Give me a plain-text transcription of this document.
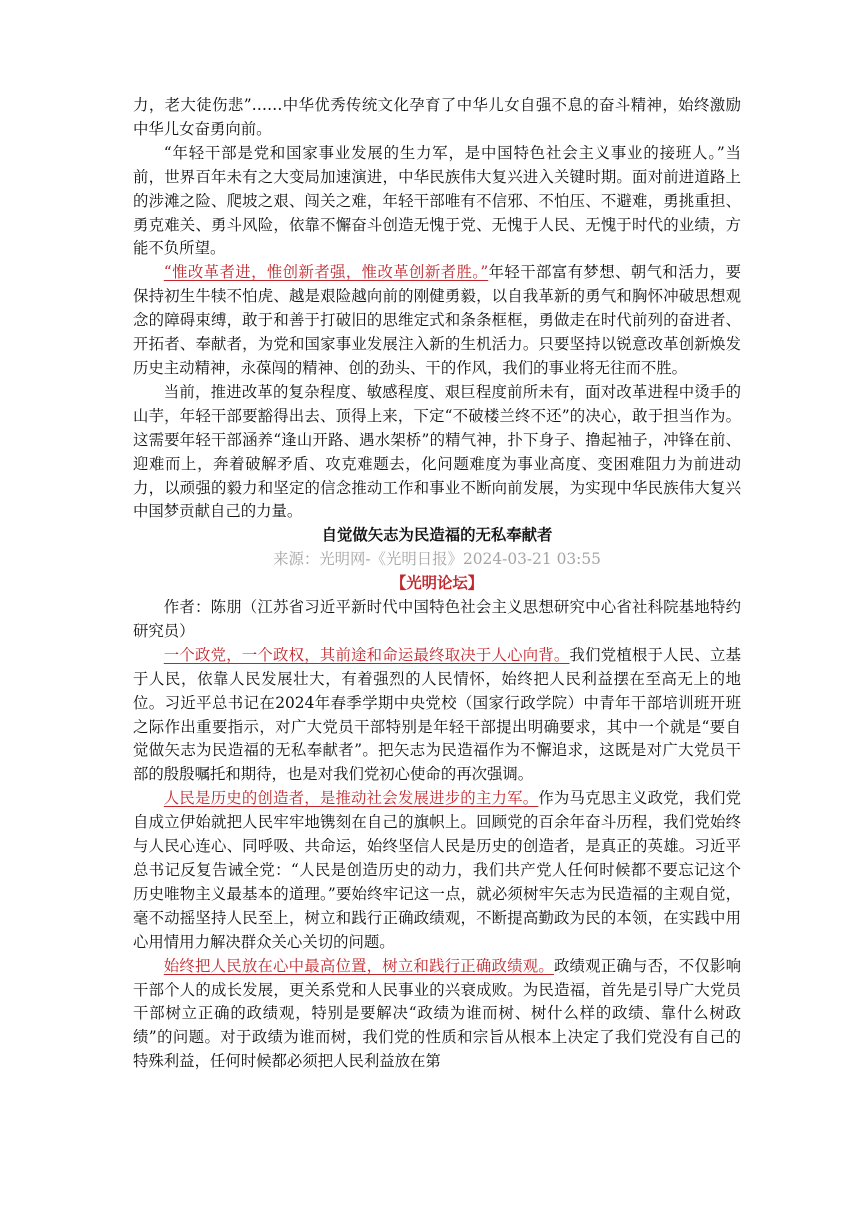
力，老大徒伤悲”……中华优秀传统文化孕育了中华儿女自强不息的奋斗精神，始终激励中华儿女奋勇向前。

“年轻干部是党和国家事业发展的生力军，是中国特色社会主义事业的接班人。”当前，世界百年未有之大变局加速演进，中华民族伟大复兴进入关键时期。面对前进道路上的涉滩之险、爬坡之艰、闯关之难，年轻干部唯有不信邪、不怕压、不避难，勇挑重担、勇克难关、勇斗风险，依靠不懈奋斗创造无愧于党、无愧于人民、无愧于时代的业绩，方能不负所望。

“惟改革者进，惟创新者强，惟改革创新者胜。”年轻干部富有梦想、朝气和活力，要保持初生牛犊不怕虎、越是艰险越向前的刚健勇毅，以自我革新的勇气和胸怀冲破思想观念的障碍束缚，敢于和善于打破旧的思维定式和条条框框，勇做走在时代前列的奋进者、开拓者、奉献者，为党和国家事业发展注入新的生机活力。只要坚持以锐意改革创新焕发历史主动精神，永葆闯的精神、创的劲头、干的作风，我们的事业将无往而不胜。

当前，推进改革的复杂程度、敏感程度、艰巨程度前所未有，面对改革进程中烫手的山芋，年轻干部要豁得出去、顶得上来，下定“不破楼兰终不还”的决心，敢于担当作为。这需要年轻干部涵养“逢山开路、遇水架桥”的精气神，扑下身子、撸起袖子，冲锋在前、迎难而上，奔着破解矛盾、攻克难题去，化问题难度为事业高度、变困难阻力为前进动力，以顽强的毅力和坚定的信念推动工作和事业不断向前发展，为实现中华民族伟大复兴中国梦贡献自己的力量。

自觉做矢志为民造福的无私奉献者

来源：光明网-《光明日报》2024-03-21 03:55

【光明论坛】

作者：陈朋（江苏省习近平新时代中国特色社会主义思想研究中心省社科院基地特约研究员）

一个政党，一个政权，其前途和命运最终取决于人心向背。我们党植根于人民、立基于人民，依靠人民发展壮大，有着强烈的人民情怀，始终把人民利益摆在至高无上的地位。习近平总书记在2024年春季学期中央党校（国家行政学院）中青年干部培训班开班之际作出重要指示，对广大党员干部特别是年轻干部提出明确要求，其中一个就是“要自觉做矢志为民造福的无私奉献者”。把矢志为民造福作为不懈追求，这既是对广大党员干部的殷殷嘱托和期待，也是对我们党初心使命的再次强调。

人民是历史的创造者，是推动社会发展进步的主力军。作为马克思主义政党，我们党自成立伊始就把人民牢牢地镌刻在自己的旗帜上。回顾党的百余年奋斗历程，我们党始终与人民心连心、同呼吸、共命运，始终坚信人民是历史的创造者，是真正的英雄。习近平总书记反复告诫全党：“人民是创造历史的动力，我们共产党人任何时候都不要忘记这个历史唯物主义最基本的道理。”要始终牢记这一点，就必须树牢矢志为民造福的主观自觉，毫不动摇坚持人民至上，树立和践行正确政绩观，不断提高勤政为民的本领，在实践中用心用情用力解决群众关心关切的问题。

始终把人民放在心中最高位置，树立和践行正确政绩观。政绩观正确与否，不仅影响干部个人的成长发展，更关系党和人民事业的兴衰成败。为民造福，首先是引导广大党员干部树立正确的政绩观，特别是要解决“政绩为谁而树、树什么样的政绩、靠什么树政绩”的问题。对于政绩为谁而树，我们党的性质和宗旨从根本上决定了我们党没有自己的特殊利益，任何时候都必须把人民利益放在第
